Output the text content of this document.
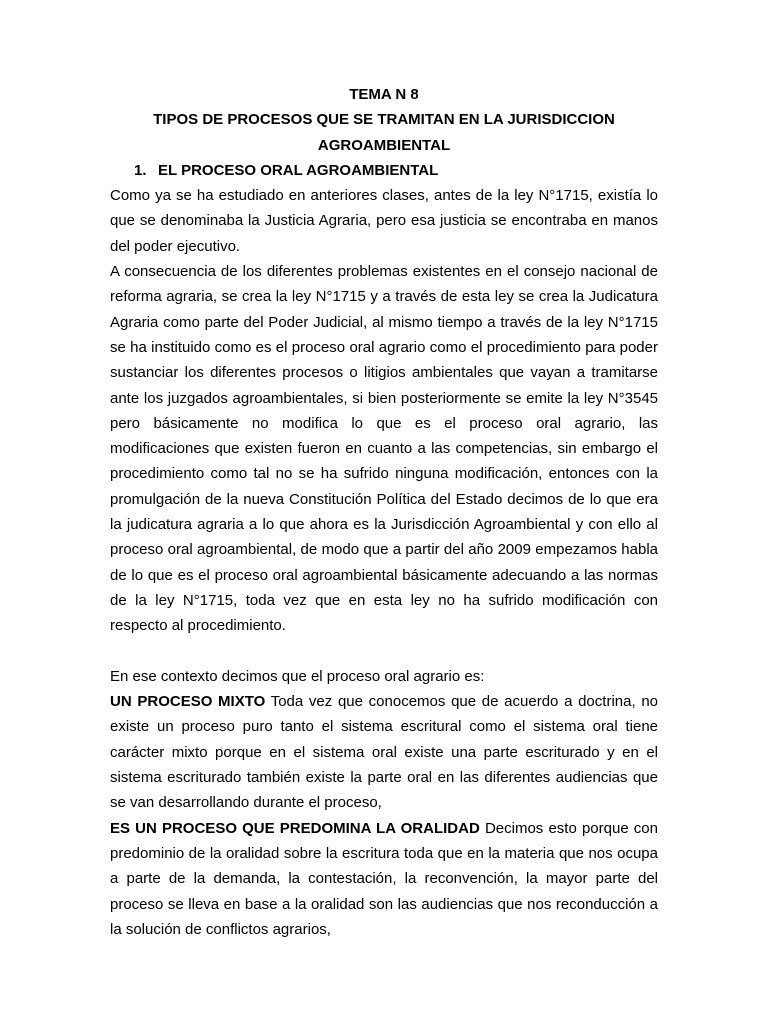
TEMA N 8

TIPOS DE PROCESOS QUE SE TRAMITAN EN LA JURISDICCION AGROAMBIENTAL

1. EL PROCESO ORAL AGROAMBIENTAL

Como ya se ha estudiado en anteriores clases, antes de la ley N°1715, existía lo que se denominaba la Justicia Agraria, pero esa justicia se encontraba en manos del poder ejecutivo.

A consecuencia de los diferentes problemas existentes en el consejo nacional de reforma agraria, se crea la ley N°1715 y a través de esta ley se crea la Judicatura Agraria como parte del Poder Judicial, al mismo tiempo a través de la ley N°1715 se ha instituido como es el proceso oral agrario como el procedimiento para poder sustanciar los diferentes procesos o litigios ambientales que vayan a tramitarse ante los juzgados agroambientales, si bien posteriormente se emite la ley N°3545 pero básicamente no modifica lo que es el proceso oral agrario, las modificaciones que existen fueron en cuanto a las competencias, sin embargo el procedimiento como tal no se ha sufrido ninguna modificación, entonces con la promulgación de la nueva Constitución Política del Estado decimos de lo que era la judicatura agraria a lo que ahora es la Jurisdicción Agroambiental y con ello al proceso oral agroambiental, de modo que a partir del año 2009 empezamos habla de lo que es el proceso oral agroambiental básicamente adecuando a las normas de la ley N°1715, toda vez que en esta ley no ha sufrido modificación con respecto al procedimiento.

En ese contexto decimos que el proceso oral agrario es:

UN PROCESO MIXTO Toda vez que conocemos que de acuerdo a doctrina, no existe un proceso puro tanto el sistema escritural como el sistema oral tiene carácter mixto porque en el sistema oral existe una parte escriturado y en el sistema escriturado también existe la parte oral en las diferentes audiencias que se van desarrollando durante el proceso,

ES UN PROCESO QUE PREDOMINA LA ORALIDAD Decimos esto porque con predominio de la oralidad sobre la escritura toda que en la materia que nos ocupa a parte de la demanda, la contestación, la reconvención, la mayor parte del proceso se lleva en base a la oralidad son las audiencias que nos reconducción a la solución de conflictos agrarios,
